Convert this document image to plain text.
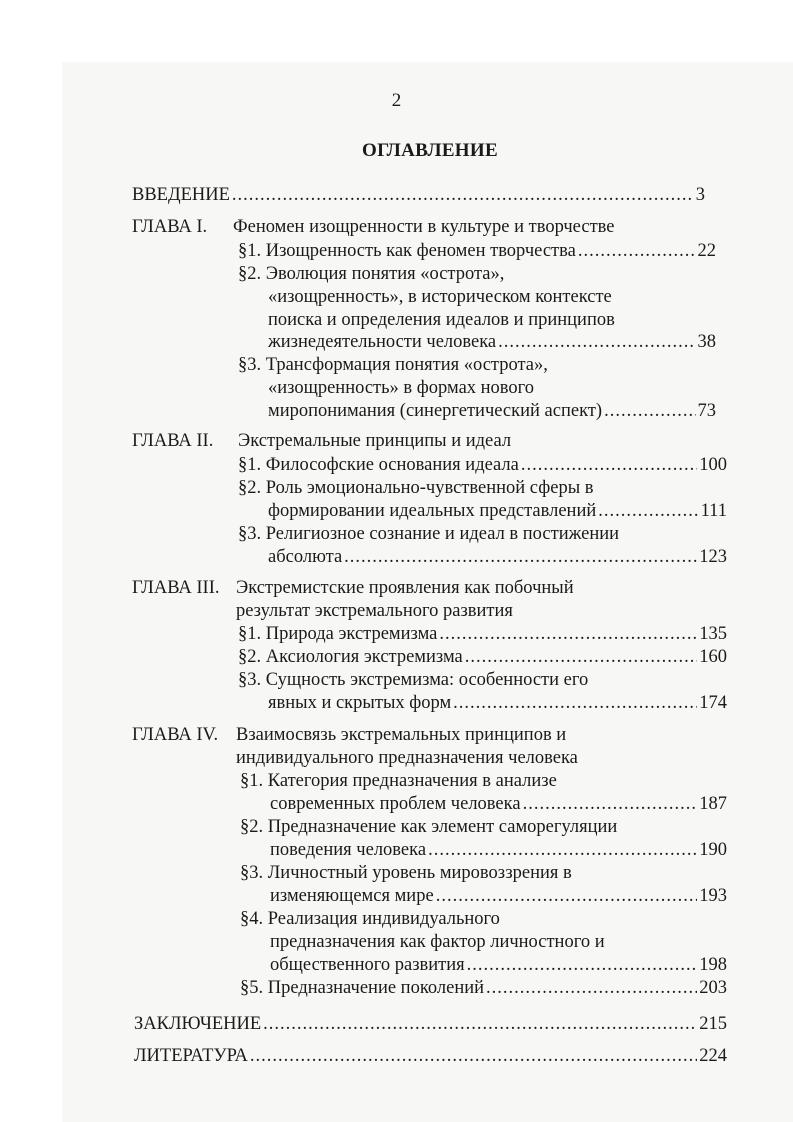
2
ОГЛАВЛЕНИЕ
ВВЕДЕНИЕ .....	3
ГЛАВА I. Феномен изощренности в культуре и творчестве
§1. Изощренность как феномен творчества .....	22
§2. Эволюция понятия «острота»,
«изощренность», в историческом контексте
поиска и определения идеалов и принципов
жизнедеятельности человека .....	38
§3. Трансформация понятия «острота»,
«изощренность» в формах нового
миропонимания (синергетический аспект) .....	73
ГЛАВА II. Экстремальные принципы и идеал
§1. Философские основания идеала .....	100
§2. Роль эмоционально-чувственной сферы в
формировании идеальных представлений .....	111
§3. Религиозное сознание и идеал в постижении
абсолюта .....	123
ГЛАВА III. Экстремистские проявления как побочный
результат экстремального развития
§1. Природа экстремизма .....	135
§2. Аксиология экстремизма .....	160
§3. Сущность экстремизма: особенности его
явных и скрытых форм .....	174
ГЛАВА IV. Взаимосвязь экстремальных принципов и
индивидуального предназначения человека
§1. Категория предназначения в анализе
современных проблем человека .....	187
§2. Предназначение как элемент саморегуляции
поведения человека .....	190
§3. Личностный уровень мировоззрения в
изменяющемся мире .....	193
§4. Реализация индивидуального
предназначения как фактор личностного и
общественного развития .....	198
§5. Предназначение поколений .....	203
ЗАКЛЮЧЕНИЕ .....	215
ЛИТЕРАТУРА .....	224
